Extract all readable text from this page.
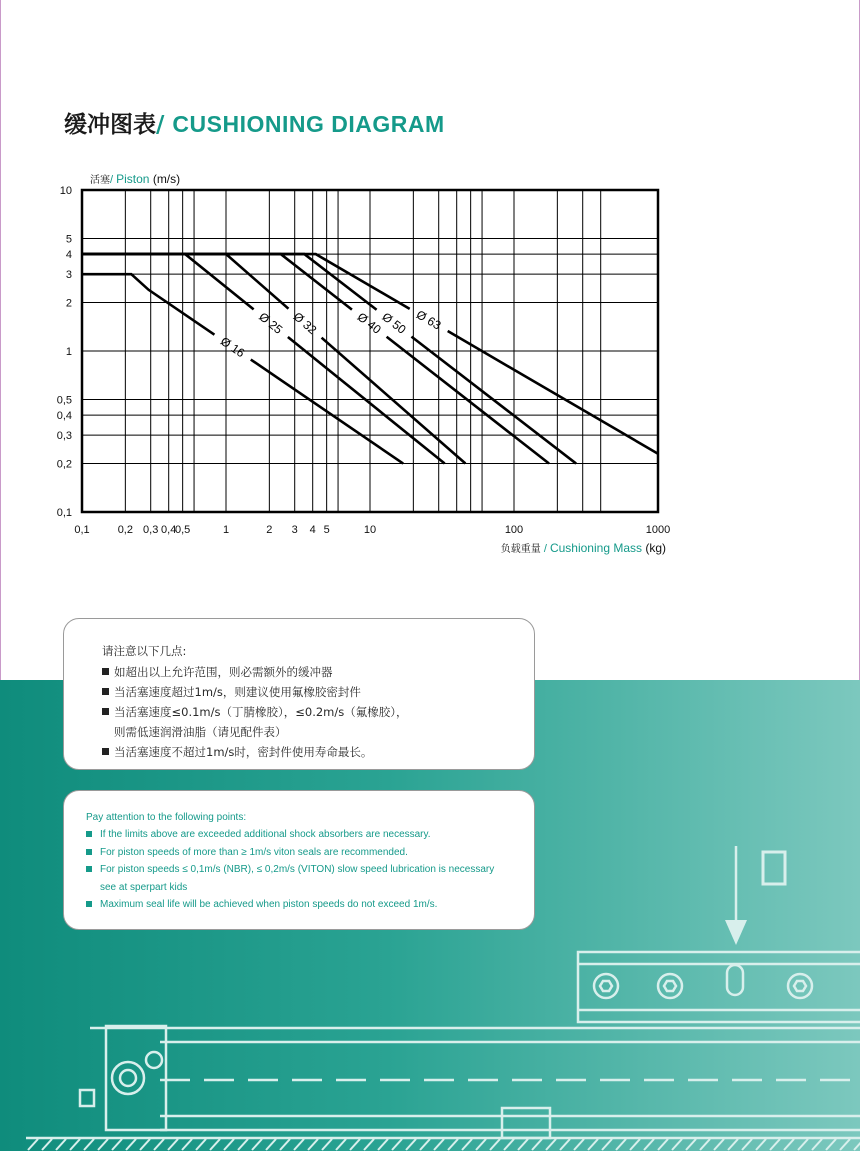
缓冲图表/ CUSHIONING DIAGRAM
10
5
4
3
2
1
0,5
0,4
0,3
0,2
0,1
0,1	0,2 0,3 0,4
0,5	1	2 3 4 5	10	100	1000
活塞/ Piston (m/s)
负载重量 / Cushioning Mass (kg)
Ø 16
Ø 25 Ø 32	Ø 40
Ø 50 Ø 63
请注意以下几点:
如超出以上允许范围，则必需额外的缓冲器
当活塞速度超过1m/s，则建议使用氟橡胶密封件
当活塞速度≤0.1m/s（丁腈橡胶），≤0.2m/s（氟橡胶），
则需低速润滑油脂（请见配件表）
当活塞速度不超过1m/s时，密封件使用寿命最长。
Pay attention to the following points:
If the limits above are exceeded additional shock absorbers are necessary.
For piston speeds of more than ≥ 1m/s viton seals are recommended.
For piston speeds ≤ 0,1m/s (NBR), ≤ 0,2m/s (VITON) slow speed lubrication is necessary
see at sperpart kids
Maximum seal life will be achieved when piston speeds do not exceed 1m/s.
